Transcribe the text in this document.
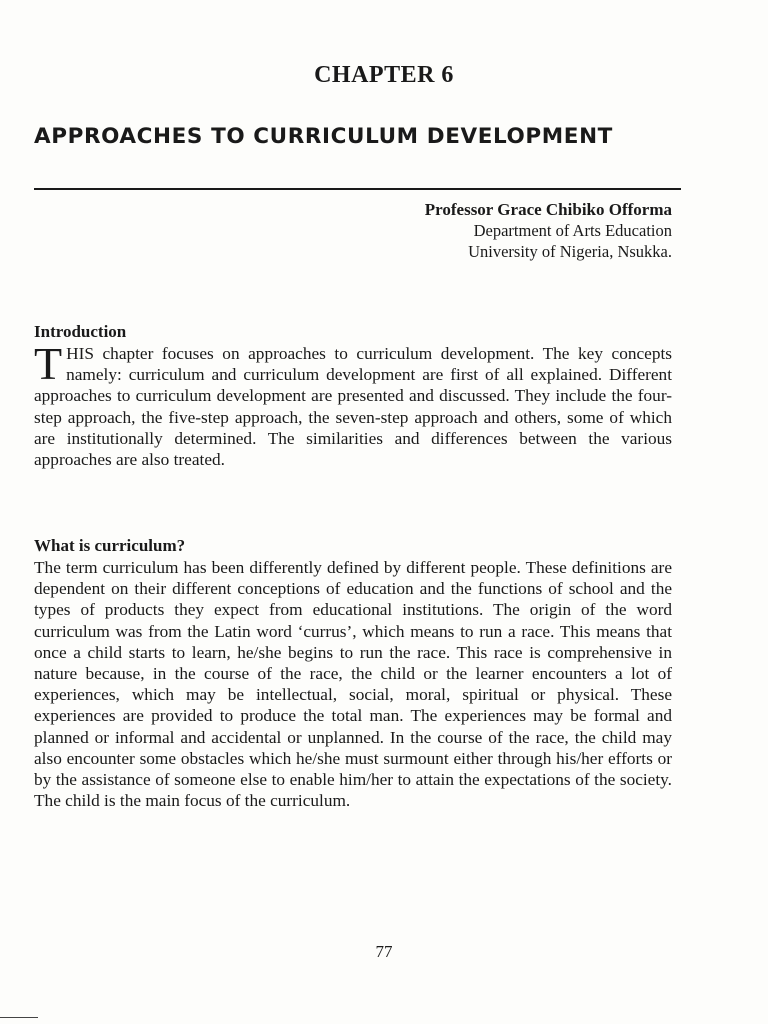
CHAPTER 6
APPROACHES TO CURRICULUM DEVELOPMENT
Professor Grace Chibiko Offorma
Department of Arts Education
University of Nigeria, Nsukka.
Introduction

THIS chapter focuses on approaches to curriculum development. The key concepts namely: curriculum and curriculum development are first of all explained. Different approaches to curriculum development are presented and discussed. They include the four-step approach, the five-step approach, the seven-step approach and others, some of which are institutionally determined. The similarities and differences between the various approaches are also treated.

What is curriculum?

The term curriculum has been differently defined by different people. These definitions are dependent on their different conceptions of education and the functions of school and the types of products they expect from educational institutions. The origin of the word curriculum was from the Latin word ‘currus’, which means to run a race. This means that once a child starts to learn, he/she begins to run the race. This race is comprehensive in nature because, in the course of the race, the child or the learner encounters a lot of experiences, which may be intellectual, social, moral, spiritual or physical. These experiences are provided to produce the total man. The experiences may be formal and planned or informal and accidental or unplanned. In the course of the race, the child may also encounter some obstacles which he/she must surmount either through his/her efforts or by the assistance of someone else to enable him/her to attain the expectations of the society. The child is the main focus of the curriculum.

77
